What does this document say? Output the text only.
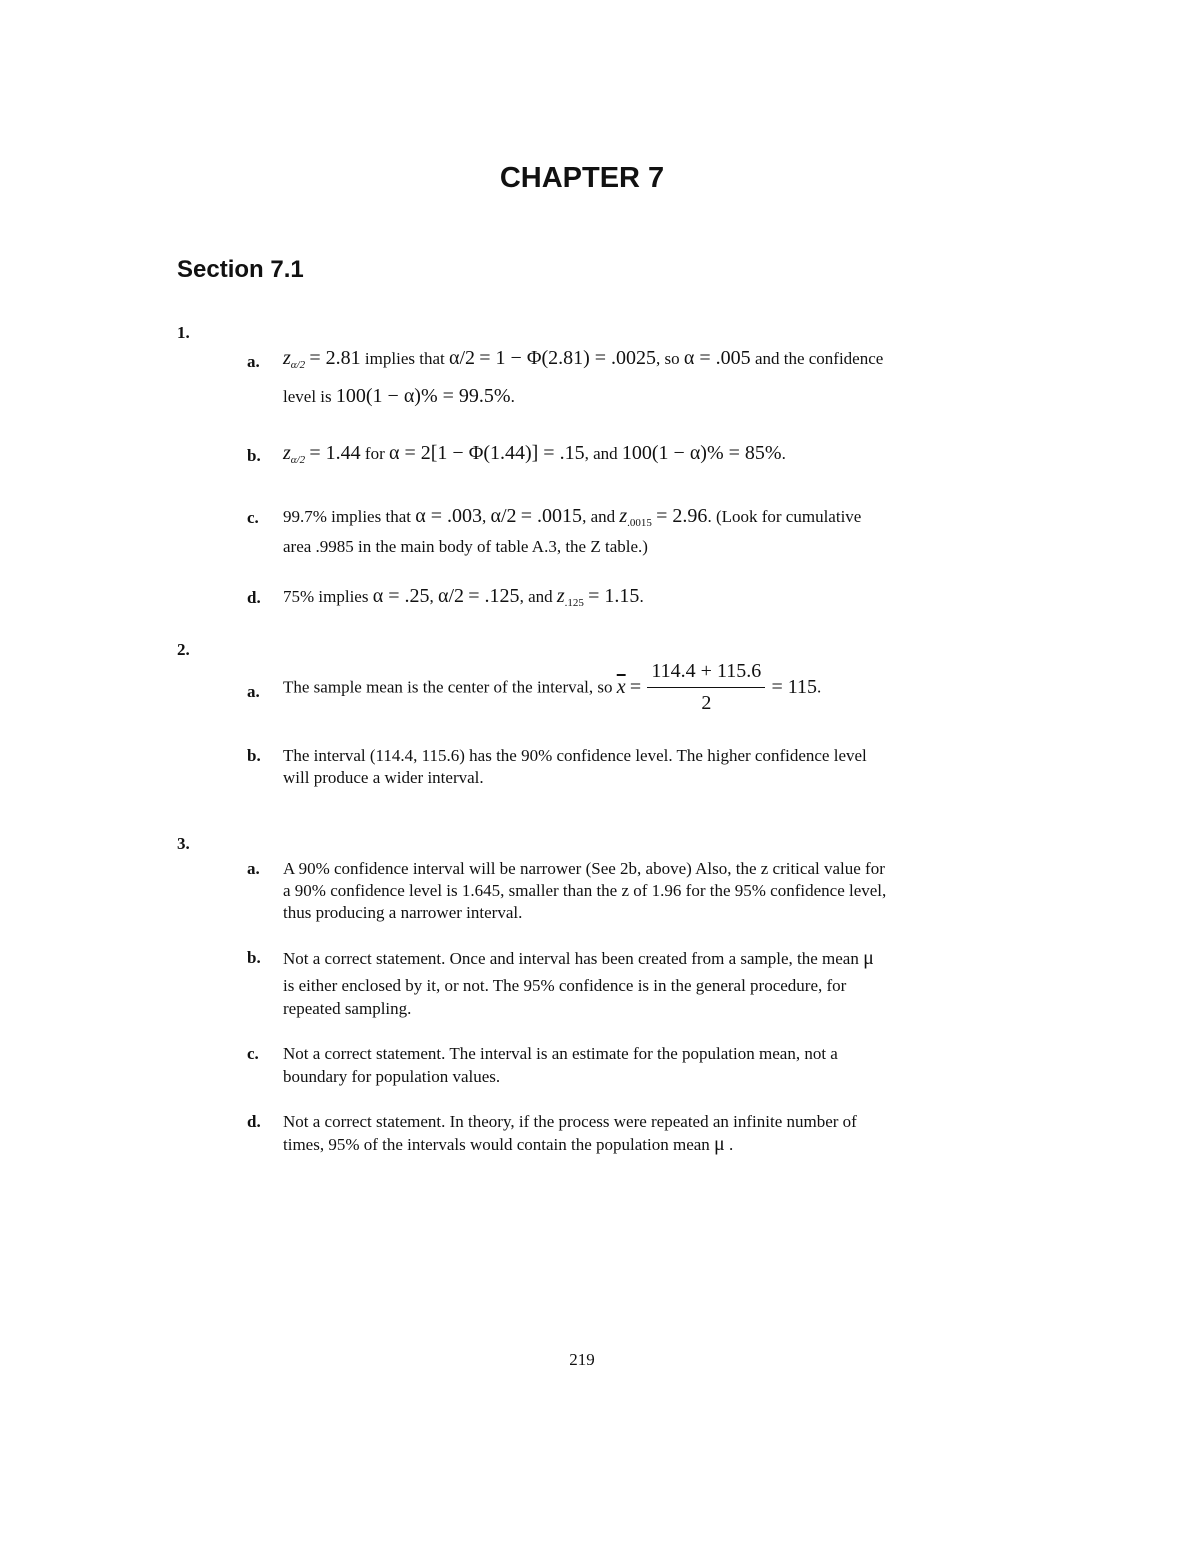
CHAPTER 7
Section 7.1
1.
a. $z_{\alpha/2} = 2.81$ implies that α/2 = 1 − Φ(2.81) = .0025, so α = .005 and the confidence
level is 100(1 − α)% = 99.5%.
b. $z_{\alpha/2} = 1.44$ for α = 2[1 − Φ(1.44)] = .15, and 100(1 − α)% = 85%.
c. 99.7% implies that α = .003, α/2 = .0015, and $z_{.0015} = 2.96$. (Look for cumulative
area .9985 in the main body of table A.3, the Z table.)
d. 75% implies α = .25, α/2 = .125, and $z_{.125} = 1.15$.
2.
a. The sample mean is the center of the interval, so $\overline{x} = \frac{114.4 + 115.6}{2} = 115$.
b. The interval (114.4, 115.6) has the 90% confidence level. The higher confidence level
will produce a wider interval.
3.
a. A 90% confidence interval will be narrower (See 2b, above) Also, the z critical value for
a 90% confidence level is 1.645, smaller than the z of 1.96 for the 95% confidence level,
thus producing a narrower interval.
b. Not a correct statement. Once and interval has been created from a sample, the mean μ
is either enclosed by it, or not. The 95% confidence is in the general procedure, for
repeated sampling.
c. Not a correct statement. The interval is an estimate for the population mean, not a
boundary for population values.
d. Not a correct statement. In theory, if the process were repeated an infinite number of
times, 95% of the intervals would contain the population mean μ .
219
